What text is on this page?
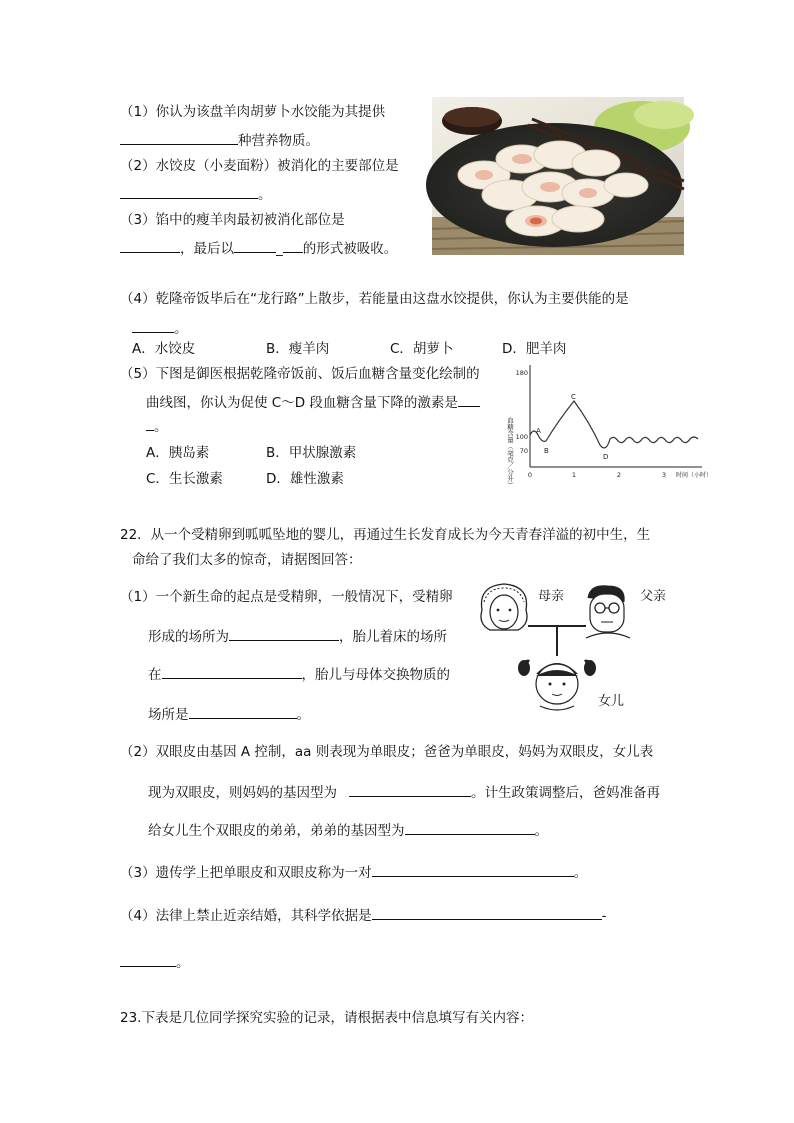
（1）你认为该盘羊肉胡萝卜水饺能为其提供
种营养物质。
（2）水饺皮（小麦面粉）被消化的主要部位是
。
（3）馅中的瘦羊肉最初被消化部位是
，最后以	_ 的形式被吸收。
（4）乾隆帝饭毕后在“龙行路”上散步，若能量由这盘水饺提供，你认为主要供能的是
。
A．水饺皮	B．瘦羊肉	C．胡萝卜	D．肥羊肉
（5）下图是御医根据乾隆帝饭前、饭后血糖含量变化绘制的
曲线图，你认为促使 C～D 段血糖含量下降的激素是
。
A．胰岛素	B．甲状腺激素
C．生长激素	D．雄性激素	血糖含量（毫克／分升）
180
100
70
0	1	2	3 时间（小时）
A
B
C
D
22．从一个受精卵到呱呱坠地的婴儿，再通过生长发育成长为今天青春洋溢的初中生，生
命给了我们太多的惊奇，请据图回答：
（1）一个新生命的起点是受精卵，一般情况下，受精卵
形成的场所为	，胎儿着床的场所
在	，胎儿与母体交换物质的
场所是	。
母亲	父亲
女儿
（2）双眼皮由基因 A 控制，aa 则表现为单眼皮；爸爸为单眼皮，妈妈为双眼皮，女儿表
现为双眼皮，则妈妈的基因型为	。计生政策调整后，爸妈准备再
给女儿生个双眼皮的弟弟，弟弟的基因型为	。
（3）遗传学上把单眼皮和双眼皮称为一对	。
（4）法律上禁止近亲结婚，其科学依据是	-
。
23.下表是几位同学探究实验的记录，请根据表中信息填写有关内容：
